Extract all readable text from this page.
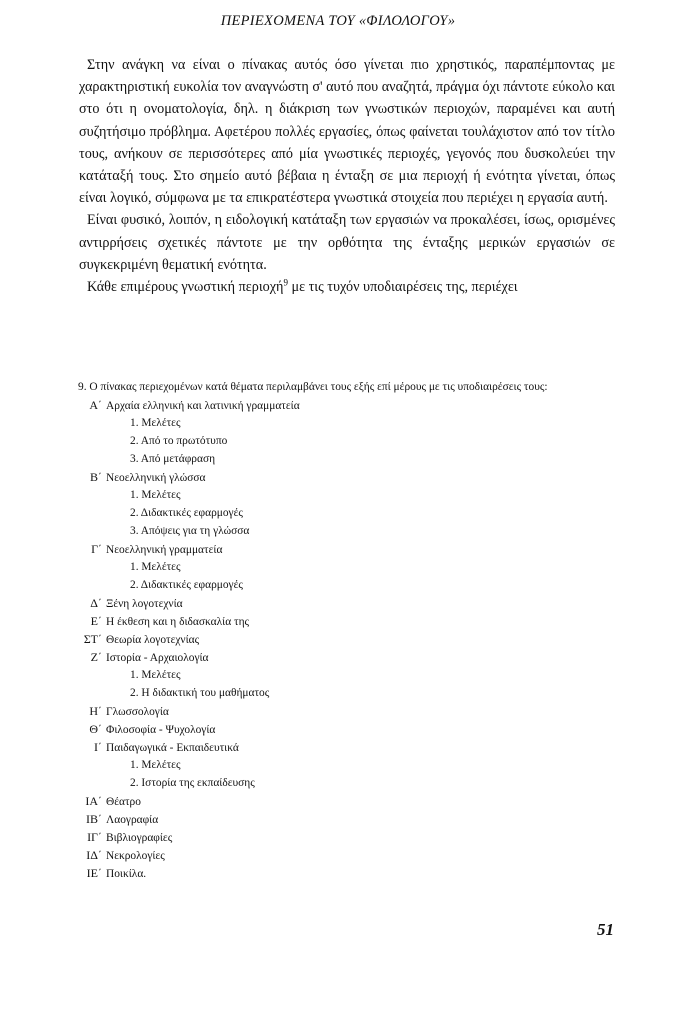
ΠΕΡΙΕΧΟΜΕΝΑ ΤΟΥ «ΦΙΛΟΛΟΓΟΥ»

Στην ανάγκη να είναι ο πίνακας αυτός όσο γίνεται πιο χρηστικός, παραπέμποντας με χαρακτηριστική ευκολία τον αναγνώστη σ' αυτό που αναζητά, πράγμα όχι πάντοτε εύκολο και στο ότι η ονοματολογία, δηλ. η διάκριση των γνωστικών περιοχών, παραμένει και αυτή συζητήσιμο πρόβλημα. Αφετέρου πολλές εργασίες, όπως φαίνεται τουλάχιστον από τον τίτλο τους, ανήκουν σε περισσότερες από μία γνωστικές περιοχές, γεγονός που δυσκολεύει την κατάταξή τους. Στο σημείο αυτό βέβαια η ένταξη σε μια περιοχή ή ενότητα γίνεται, όπως είναι λογικό, σύμφωνα με τα επικρατέστερα γνωστικά στοιχεία που περιέχει η εργασία αυτή.

Είναι φυσικό, λοιπόν, η ειδολογική κατάταξη των εργασιών να προκαλέσει, ίσως, ορισμένες αντιρρήσεις σχετικές πάντοτε με την ορθότητα της ένταξης μερικών εργασιών σε συγκεκριμένη θεματική ενότητα.

Κάθε επιμέρους γνωστική περιοχή$^9$ με τις τυχόν υποδιαιρέσεις της, περιέχει

9. Ο πίνακας περιεχομένων κατά θέματα περιλαμβάνει τους εξής επί μέρους με τις υποδιαιρέσεις τους:

Α΄ Αρχαία ελληνική και λατινική γραμματεία
1. Μελέτες
2. Από το πρωτότυπο
3. Από μετάφραση
Β΄ Νεοελληνική γλώσσα
1. Μελέτες
2. Διδακτικές εφαρμογές
3. Απόψεις για τη γλώσσα
Γ΄ Νεοελληνική γραμματεία
1. Μελέτες
2. Διδακτικές εφαρμογές
Δ΄ Ξένη λογοτεχνία
Ε΄ Η έκθεση και η διδασκαλία της
ΣΤ΄ Θεωρία λογοτεχνίας
Ζ΄ Ιστορία - Αρχαιολογία
1. Μελέτες
2. Η διδακτική του μαθήματος
Η΄ Γλωσσολογία
Θ΄ Φιλοσοφία - Ψυχολογία
Ι΄ Παιδαγωγικά - Εκπαιδευτικά
1. Μελέτες
2. Ιστορία της εκπαίδευσης
ΙΑ΄ Θέατρο
ΙΒ΄ Λαογραφία
ΙΓ΄ Βιβλιογραφίες
ΙΔ΄ Νεκρολογίες
ΙΕ΄ Ποικίλα.
51
